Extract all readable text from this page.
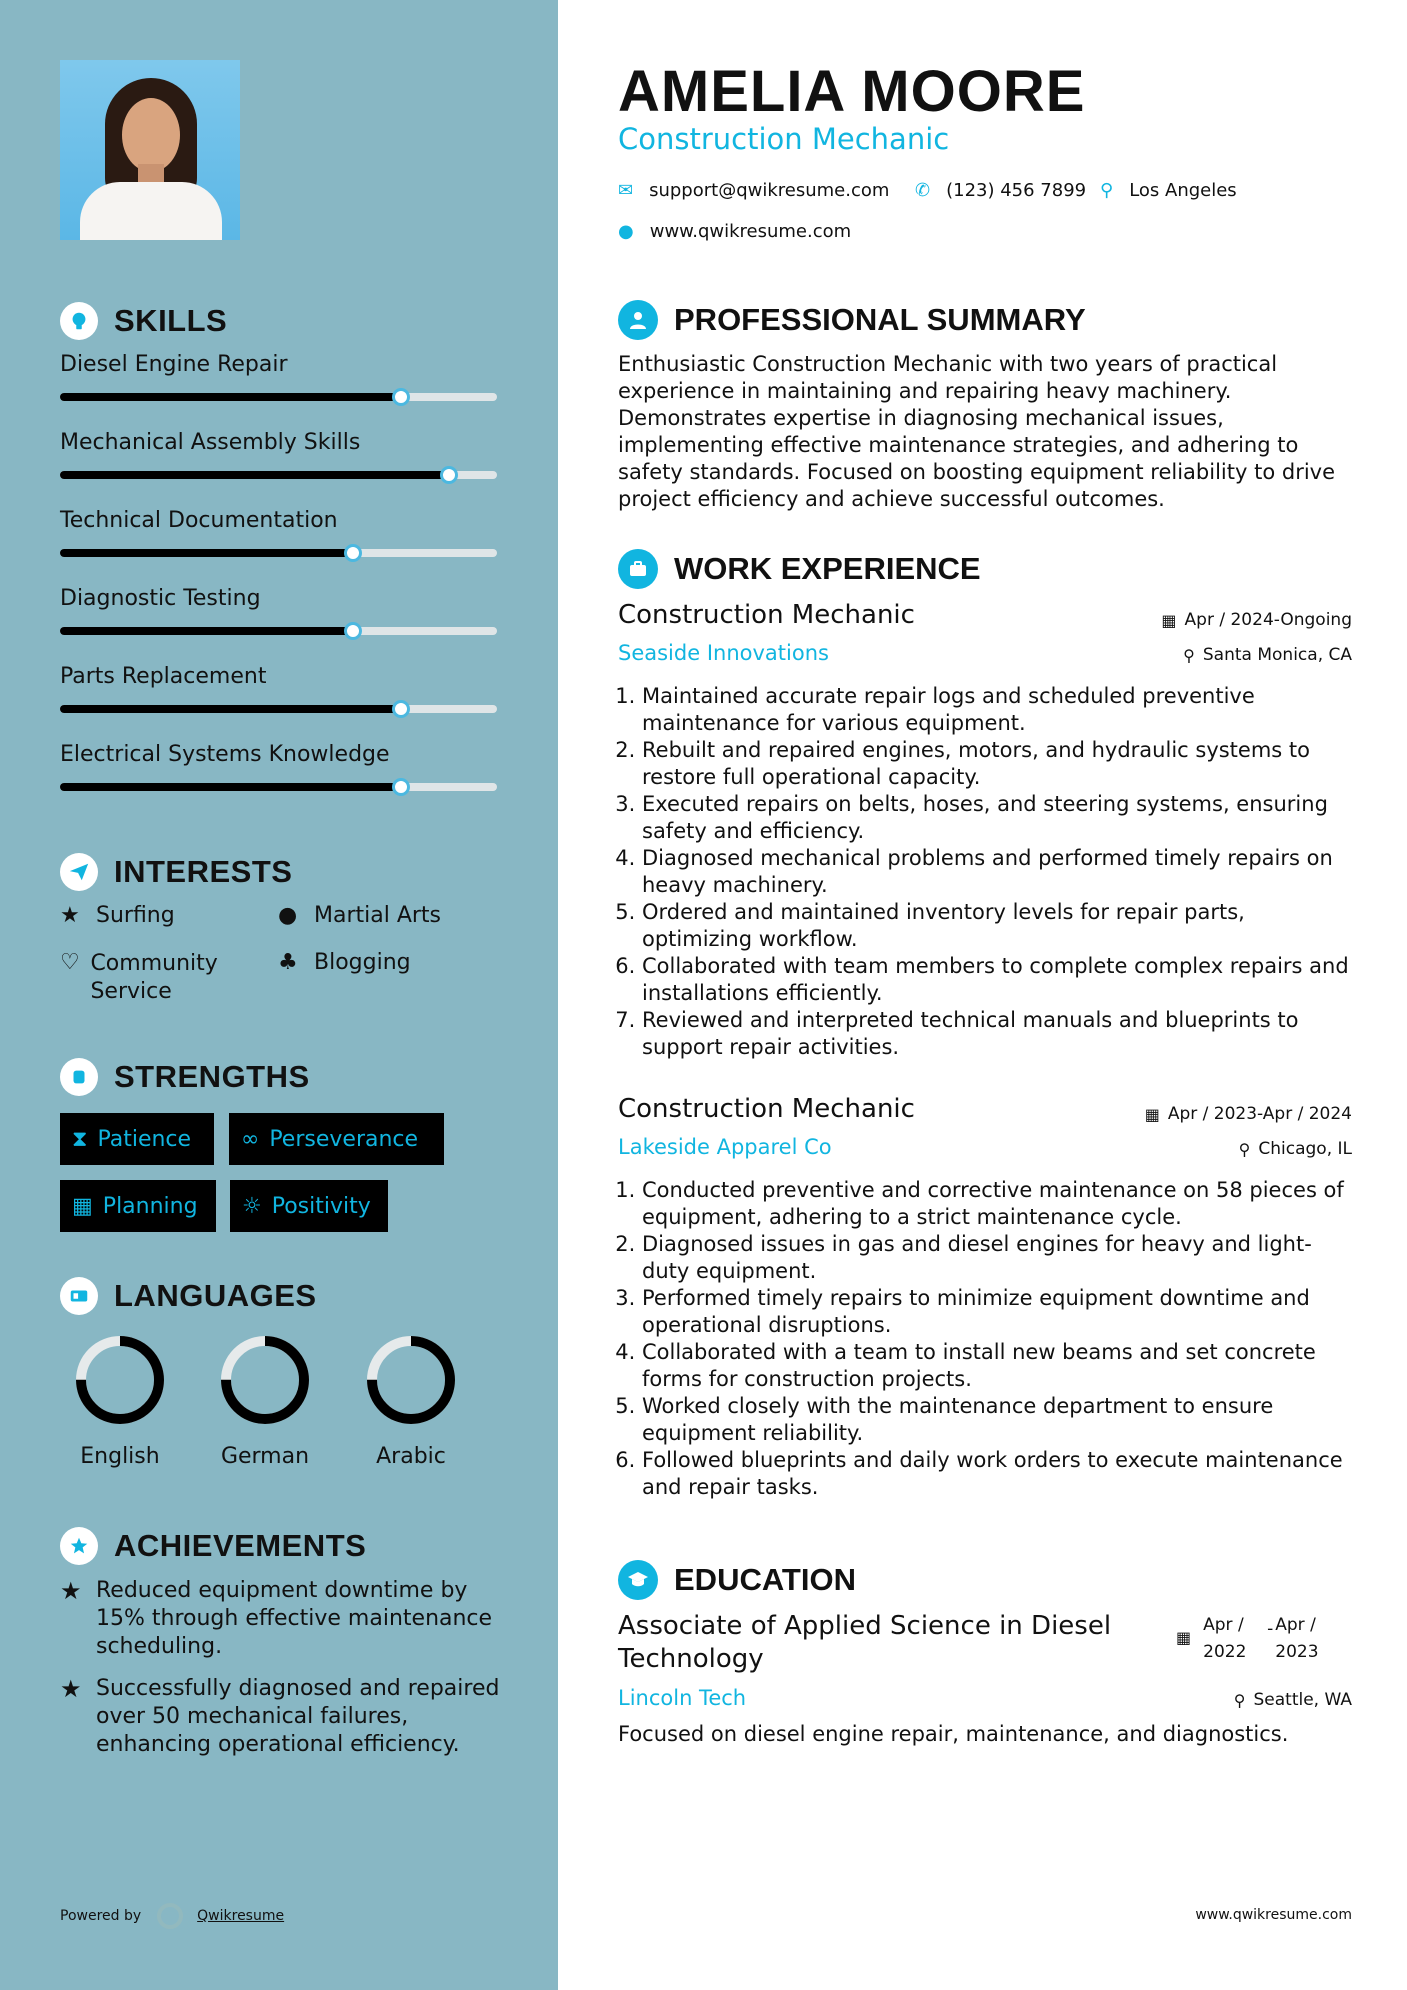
SKILLS
Diesel Engine Repair
Mechanical Assembly Skills
Technical Documentation
Diagnostic Testing
Parts Replacement
Electrical Systems Knowledge
INTERESTS
★ Surfing	● Martial Arts
♡ Community Service
♣ Blogging
STRENGTHS
⧗ Patience ∞ Perseverance
▦ Planning ☼ Positivity
LANGUAGES
English	German	Arabic
ACHIEVEMENTS
★ Reduced equipment downtime by 15% through effective maintenance scheduling.
★ Successfully diagnosed and repaired over 50 mechanical failures, enhancing operational efficiency.
Powered by	Qwikresume
AMELIA MOORE
Construction Mechanic
✉ support@qwikresume.com ✆ (123) 456 7899 ⚲ Los Angeles
● www.qwikresume.com
PROFESSIONAL SUMMARY
Enthusiastic Construction Mechanic with two years of practical experience in maintaining and repairing heavy machinery. Demonstrates expertise in diagnosing mechanical issues, implementing effective maintenance strategies, and adhering to safety standards. Focused on boosting equipment reliability to drive project efficiency and achieve successful outcomes.
WORK EXPERIENCE
Construction Mechanic	▦ Apr / 2024-Ongoing
Seaside Innovations	⚲ Santa Monica, CA
1. Maintained accurate repair logs and scheduled preventive maintenance for various equipment.
2. Rebuilt and repaired engines, motors, and hydraulic systems to restore full operational capacity.
3. Executed repairs on belts, hoses, and steering systems, ensuring safety and efficiency.
4. Diagnosed mechanical problems and performed timely repairs on heavy machinery.
5. Ordered and maintained inventory levels for repair parts, optimizing workflow.
6. Collaborated with team members to complete complex repairs and installations efficiently.
7. Reviewed and interpreted technical manuals and blueprints to support repair activities.
Construction Mechanic	▦ Apr / 2023-Apr / 2024
Lakeside Apparel Co	⚲ Chicago, IL
1. Conducted preventive and corrective maintenance on 58 pieces of equipment, adhering to a strict maintenance cycle.
2. Diagnosed issues in gas and diesel engines for heavy and light-duty equipment.
3. Performed timely repairs to minimize equipment downtime and operational disruptions.
4. Collaborated with a team to install new beams and set concrete forms for construction projects.
5. Worked closely with the maintenance department to ensure equipment reliability.
6. Followed blueprints and daily work orders to execute maintenance and repair tasks.
EDUCATION
Associate of Applied Science in Diesel Technology
▦
Apr /
2022
- Apr /
2023
Lincoln Tech	⚲ Seattle, WA
Focused on diesel engine repair, maintenance, and diagnostics.
www.qwikresume.com
